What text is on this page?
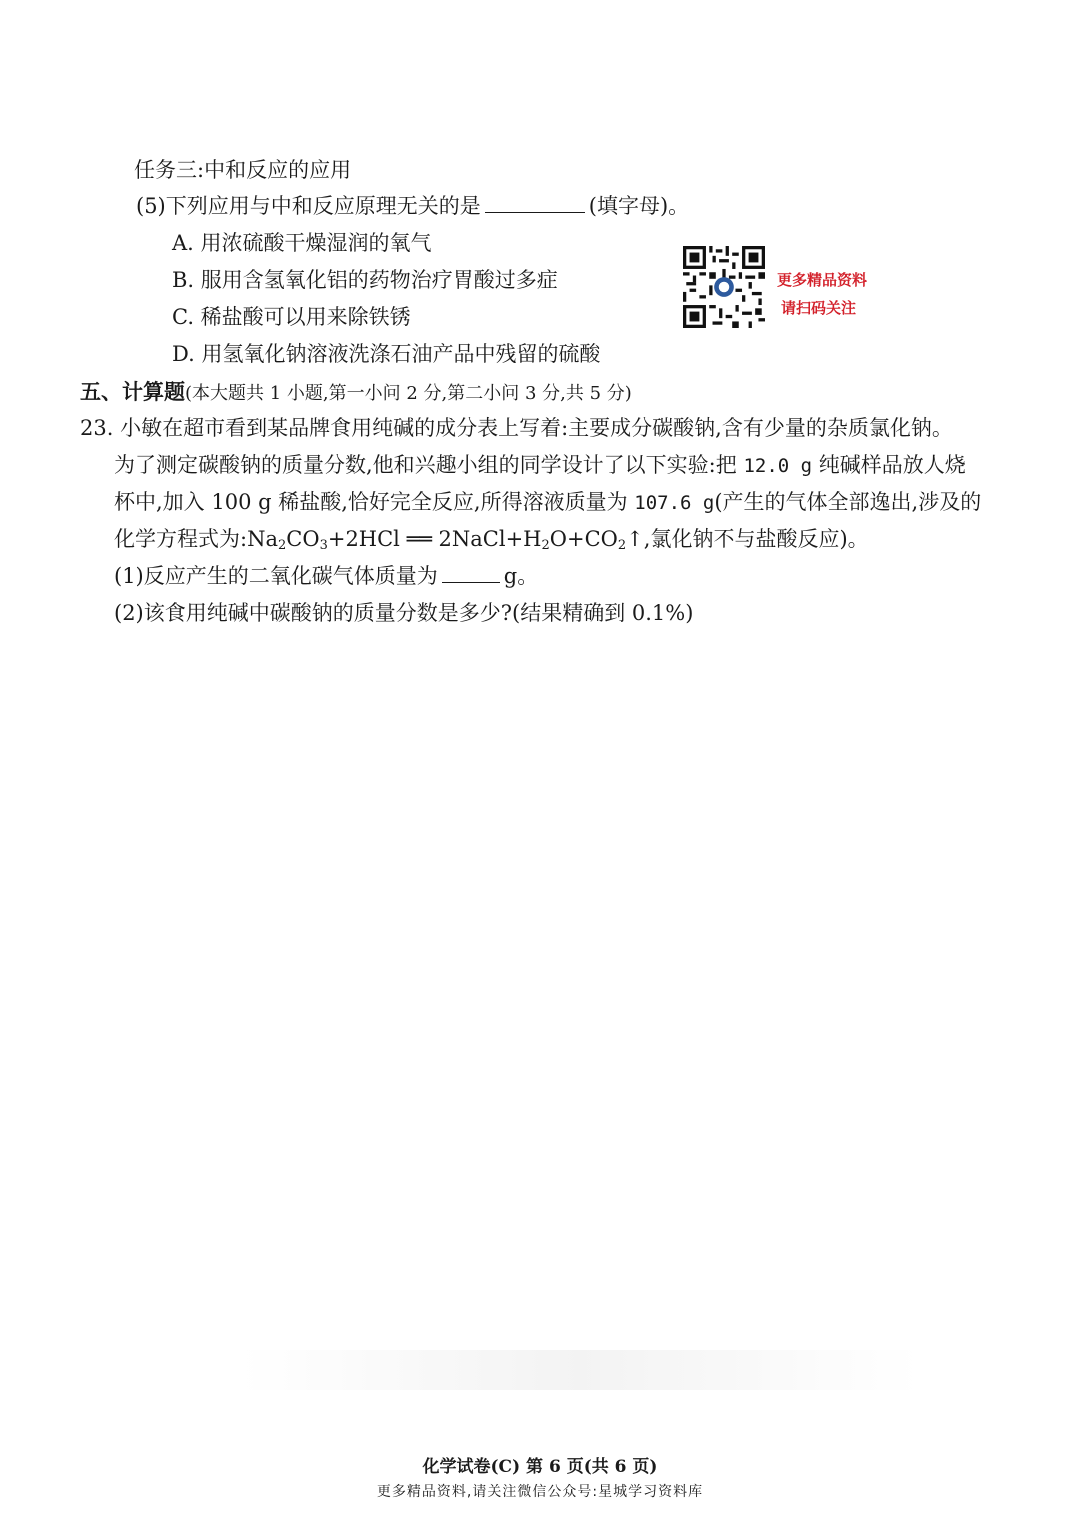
任务三:中和反应的应用
(5)下列应用与中和反应原理无关的是	(填字母)。
A. 用浓硫酸干燥湿润的氧气
B. 服用含氢氧化铝的药物治疗胃酸过多症
C. 稀盐酸可以用来除铁锈
D. 用氢氧化钠溶液洗涤石油产品中残留的硫酸
更多精品资料
请扫码关注
五、计算题(本大题共 1 小题,第一小问 2 分,第二小问 3 分,共 5 分)
23. 小敏在超市看到某品牌食用纯碱的成分表上写着:主要成分碳酸钠,含有少量的杂质氯化钠。
为了测定碳酸钠的质量分数,他和兴趣小组的同学设计了以下实验:把 12.0 g 纯碱样品放人烧
杯中,加入 100 g 稀盐酸,恰好完全反应,所得溶液质量为 107.6 g(产生的气体全部逸出,涉及的
化学方程式为$:Na_2CO_3+2HCl$ ══ $2NaCl+H_2O+CO_2↑$,氯化钠不与盐酸反应)。
(1)反应产生的二氧化碳气体质量为	g。
(2)该食用纯碱中碳酸钠的质量分数是多少?(结果精确到 0.1%)
化学试卷(C) 第 6 页(共 6 页)
更多精品资料,请关注微信公众号:星城学习资料库
